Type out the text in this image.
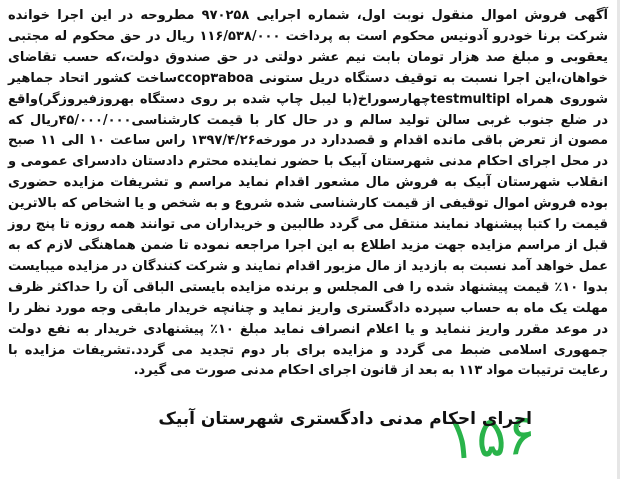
آگهی فروش اموال منقول نوبت اول، شماره اجرایی ۹۷۰۲۵۸ مطروحه در این اجرا خوانده شرکت برنا خودرو آدونیس محکوم است به پرداخت ۱۱۶/۵۳۸/۰۰۰ ریال در حق محکوم له مجتبی یعقوبی و مبلغ صد هزار تومان بابت نیم عشر دولتی در حق صندوق دولت،که حسب تقاضای خواهان،این اجرا نسبت به توقیف دستگاه دریل ستونی ccop۳aboaساخت کشور اتحاد جماهیر شوروی همراه testmultiplچهارسوراخ(با لیبل چاپ شده بر روی دستگاه بهروزفیروزگر)واقع در ضلع جنوب غربی سالن تولید سالم و در حال کار با قیمت کارشناسی۴۵/۰۰۰/۰۰۰ریال که مصون از تعرض باقی مانده اقدام و قصددارد در مورخه۱۳۹۷/۴/۲۶ راس ساعت ۱۰ الی ۱۱ صبح در محل اجرای احکام مدنی شهرستان آبیک با حضور نماینده محترم دادستان دادسرای عمومی و انقلاب شهرستان آبیک به فروش مال مشعور اقدام نماید مراسم و تشریفات مزایده حضوری بوده فروش اموال توقیفی از قیمت کارشناسی شده شروع و به شخص و یا اشخاص که بالاترین قیمت را کتبا پیشنهاد نمایند منتقل می گردد طالبین و خریداران می توانند همه روزه تا پنج روز قبل از مراسم مزایده جهت مزید اطلاع به این اجرا مراجعه نموده تا ضمن هماهنگی لازم که به عمل خواهد آمد نسبت به بازدید از مال مزبور اقدام نمایند و شرکت کنندگان در مزایده میبایست بدوا ۱۰٪ قیمت پیشنهاد شده را فی المجلس و برنده مزایده بایستی الباقی آن را حداکثر ظرف مهلت یک ماه به حساب سپرده دادگستری واریز نماید و چنانچه خریدار مابقی وجه مورد نظر را در موعد مقرر واریز ننماید و یا اعلام انصراف نماید مبلغ ۱۰٪ پیشنهادی خریدار به نفع دولت جمهوری اسلامی ضبط می گردد و مزایده برای بار دوم تجدید می گردد.تشریفات مزایده با رعایت ترتیبات مواد ۱۱۳ به بعد از قانون اجرای احکام مدنی صورت می گیرد.
۱۵۶
اجرای احکام مدنی دادگستری شهرستان آبیک
